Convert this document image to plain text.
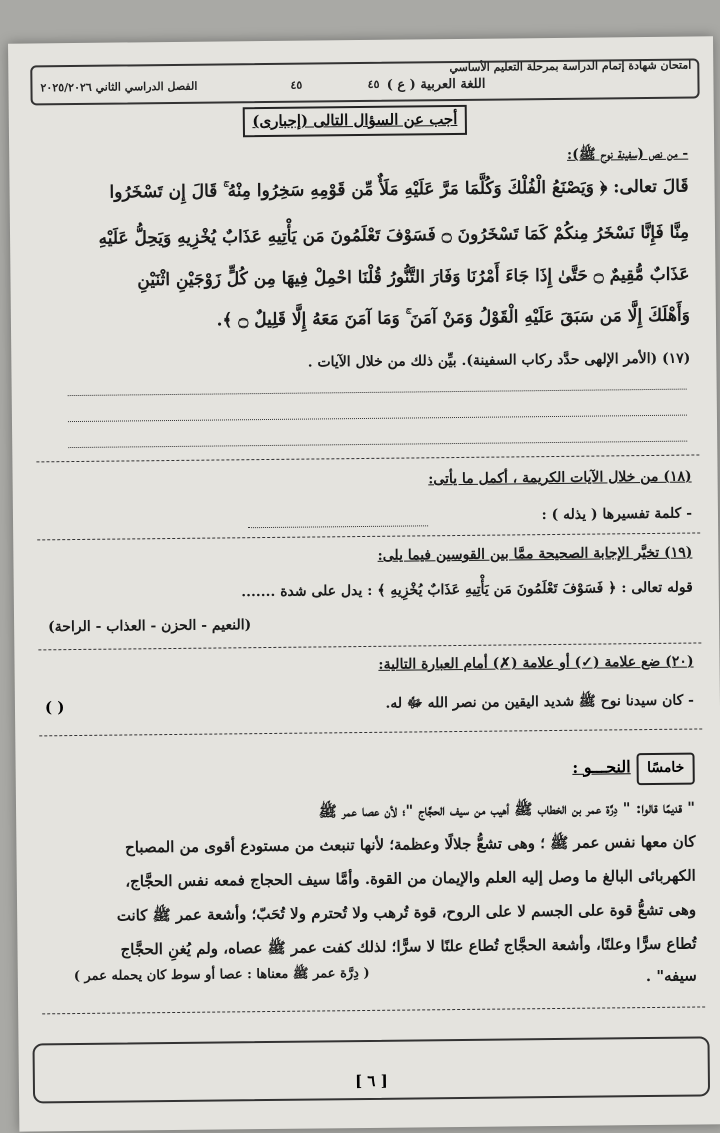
امتحان شهادة إتمام الدراسة بمرحلة التعليم الأساسي
٤٥ اللغة العربية ( ع )
٤٥
الفصل الدراسي الثاني ٢٠٢٥/٢٠٢٦
أجب عن السؤال التالى (إجبارى)
- من نص (سفينة نوح ﷺ):
قَالَ تعالى: ﴿ وَيَصْنَعُ الْفُلْكَ وَكُلَّمَا مَرَّ عَلَيْهِ مَلَأٌ مِّن قَوْمِهِ سَخِرُوا مِنْهُ ۚ قَالَ إِن تَسْخَرُوا
مِنَّا فَإِنَّا نَسْخَرُ مِنكُمْ كَمَا تَسْخَرُونَ ۝ فَسَوْفَ تَعْلَمُونَ مَن يَأْتِيهِ عَذَابٌ يُخْزِيهِ وَيَحِلُّ عَلَيْهِ
عَذَابٌ مُّقِيمٌ ۝ حَتَّىٰ إِذَا جَاءَ أَمْرُنَا وَفَارَ التَّنُّورُ قُلْنَا احْمِلْ فِيهَا مِن كُلٍّ زَوْجَيْنِ اثْنَيْنِ
وَأَهْلَكَ إِلَّا مَن سَبَقَ عَلَيْهِ الْقَوْلُ وَمَنْ آمَنَ ۚ وَمَا آمَنَ مَعَهُ إِلَّا قَلِيلٌ ۝ ﴾.
(١٧) (الأمر الإلهى حدَّد ركاب السفينة). بيِّن ذلك من خلال الآيات .
(١٨) من خلال الآيات الكريمة ، أكمل ما يأتى:
- كلمة تفسيرها ( يذله ) :
(١٩) تخيَّر الإجابة الصحيحة ممَّا بين القوسين فيما يلى:
قوله تعالى : ﴿ فَسَوْفَ تَعْلَمُونَ مَن يَأْتِيهِ عَذَابٌ يُخْزِيهِ ﴾ : يدل على شدة .......
(النعيم - الحزن - العذاب - الراحة)
(٢٠) ضع علامة (✓) أو علامة (✗) أمام العبارة التالية:
- كان سيدنا نوح ﷺ شديد اليقين من نصر الله ﷻ له.
( )
خامسًا
النحـــو :
" قديمًا قالوا: " دِرَّة عمر بن الخطاب ﷺ أهيب من سيف الحجَّاج "؛ لأن عصا عمر ﷺ
كان معها نفس عمر ﷺ ؛ وهى تشعُّ جلالًا وعظمة؛ لأنها تنبعث من مستودع أقوى من المصباح
الكهربائى البالغ ما وصل إليه العلم والإيمان من القوة. وأمَّا سيف الحجاج فمعه نفس الحجَّاج،
وهى تشعُّ قوة على الجسم لا على الروح، قوة تُرهب ولا تُحترم ولا تُحَبّ؛ وأشعة عمر ﷺ كانت
تُطاع سرًّا وعلنًا، وأشعة الحجَّاج تُطاع علنًا لا سرًّا؛ لذلك كفت عمر ﷺ عصاه، ولم يُغنِ الحجَّاج
سيفه" .
( دِرَّة عمر ﷺ معناها : عصا أو سوط كان يحمله عمر )
[ ٦ ]
